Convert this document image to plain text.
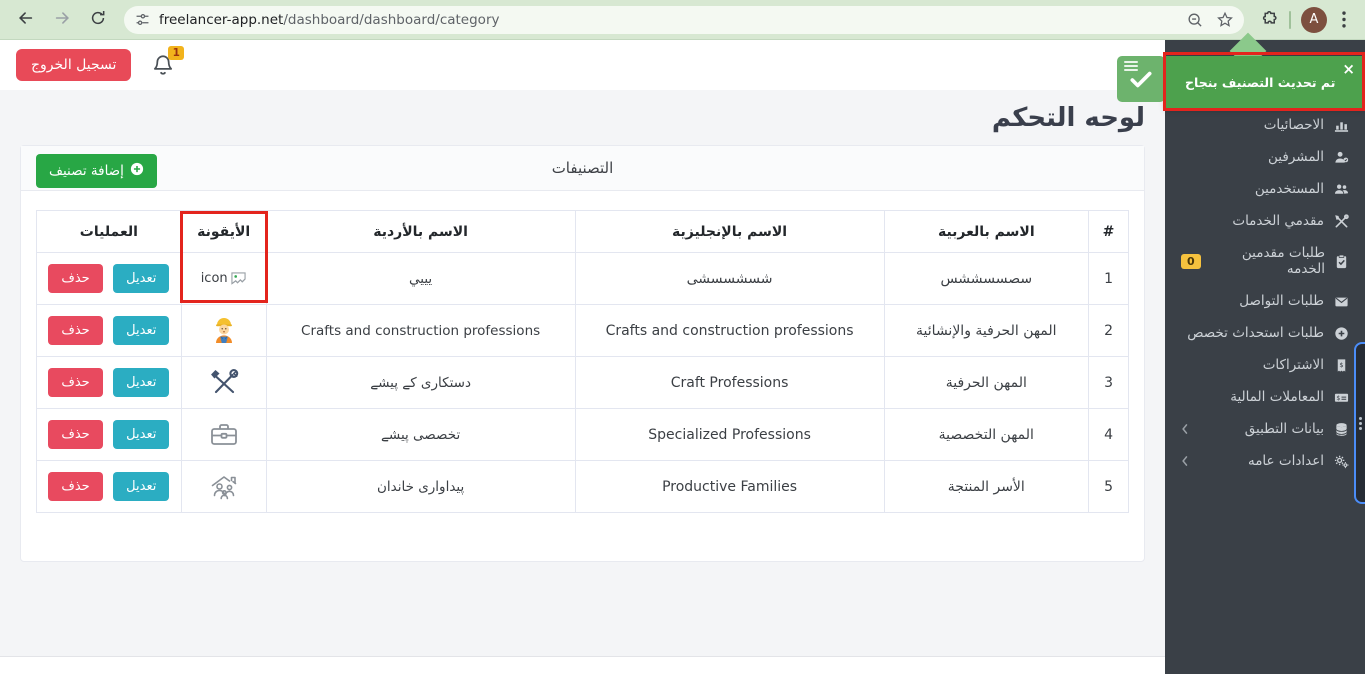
freelancer-app.net/dashboard/dashboard/category	A
الاحصائيات
المشرفين
المستخدمين
مقدمي الخدمات
طلبات مقدمين الخدمه
0
طلبات التواصل
طلبات استحداث تخصص
$
الاشتراكات
$
المعاملات المالية
بيانات التطبيق
اعدادات عامه
تسجيل الخروج
1
لوحه التحكم
التصنيفات
إضافة تصنيف
#	الاسم بالعربية	الاسم بالإنجليزية	الاسم بالأردية	الأيقونة	العمليات
1	سصسسششس	شسشسسشى	يييي	icon	تعديل حذف
2	المهن الحرفية والإنشائية	Crafts and construction professions	Crafts and construction professions		تعديل حذف
3	المهن الحرفية	Craft Professions	دستکاری کے پیشے		تعديل حذف
4	المهن التخصصية	Specialized Professions	تخصصی پیشے		تعديل حذف
5	الأسر المنتجة	Productive Families	پیداواری خاندان		تعديل حذف
×
تم تحديث التصنيف بنجاح
